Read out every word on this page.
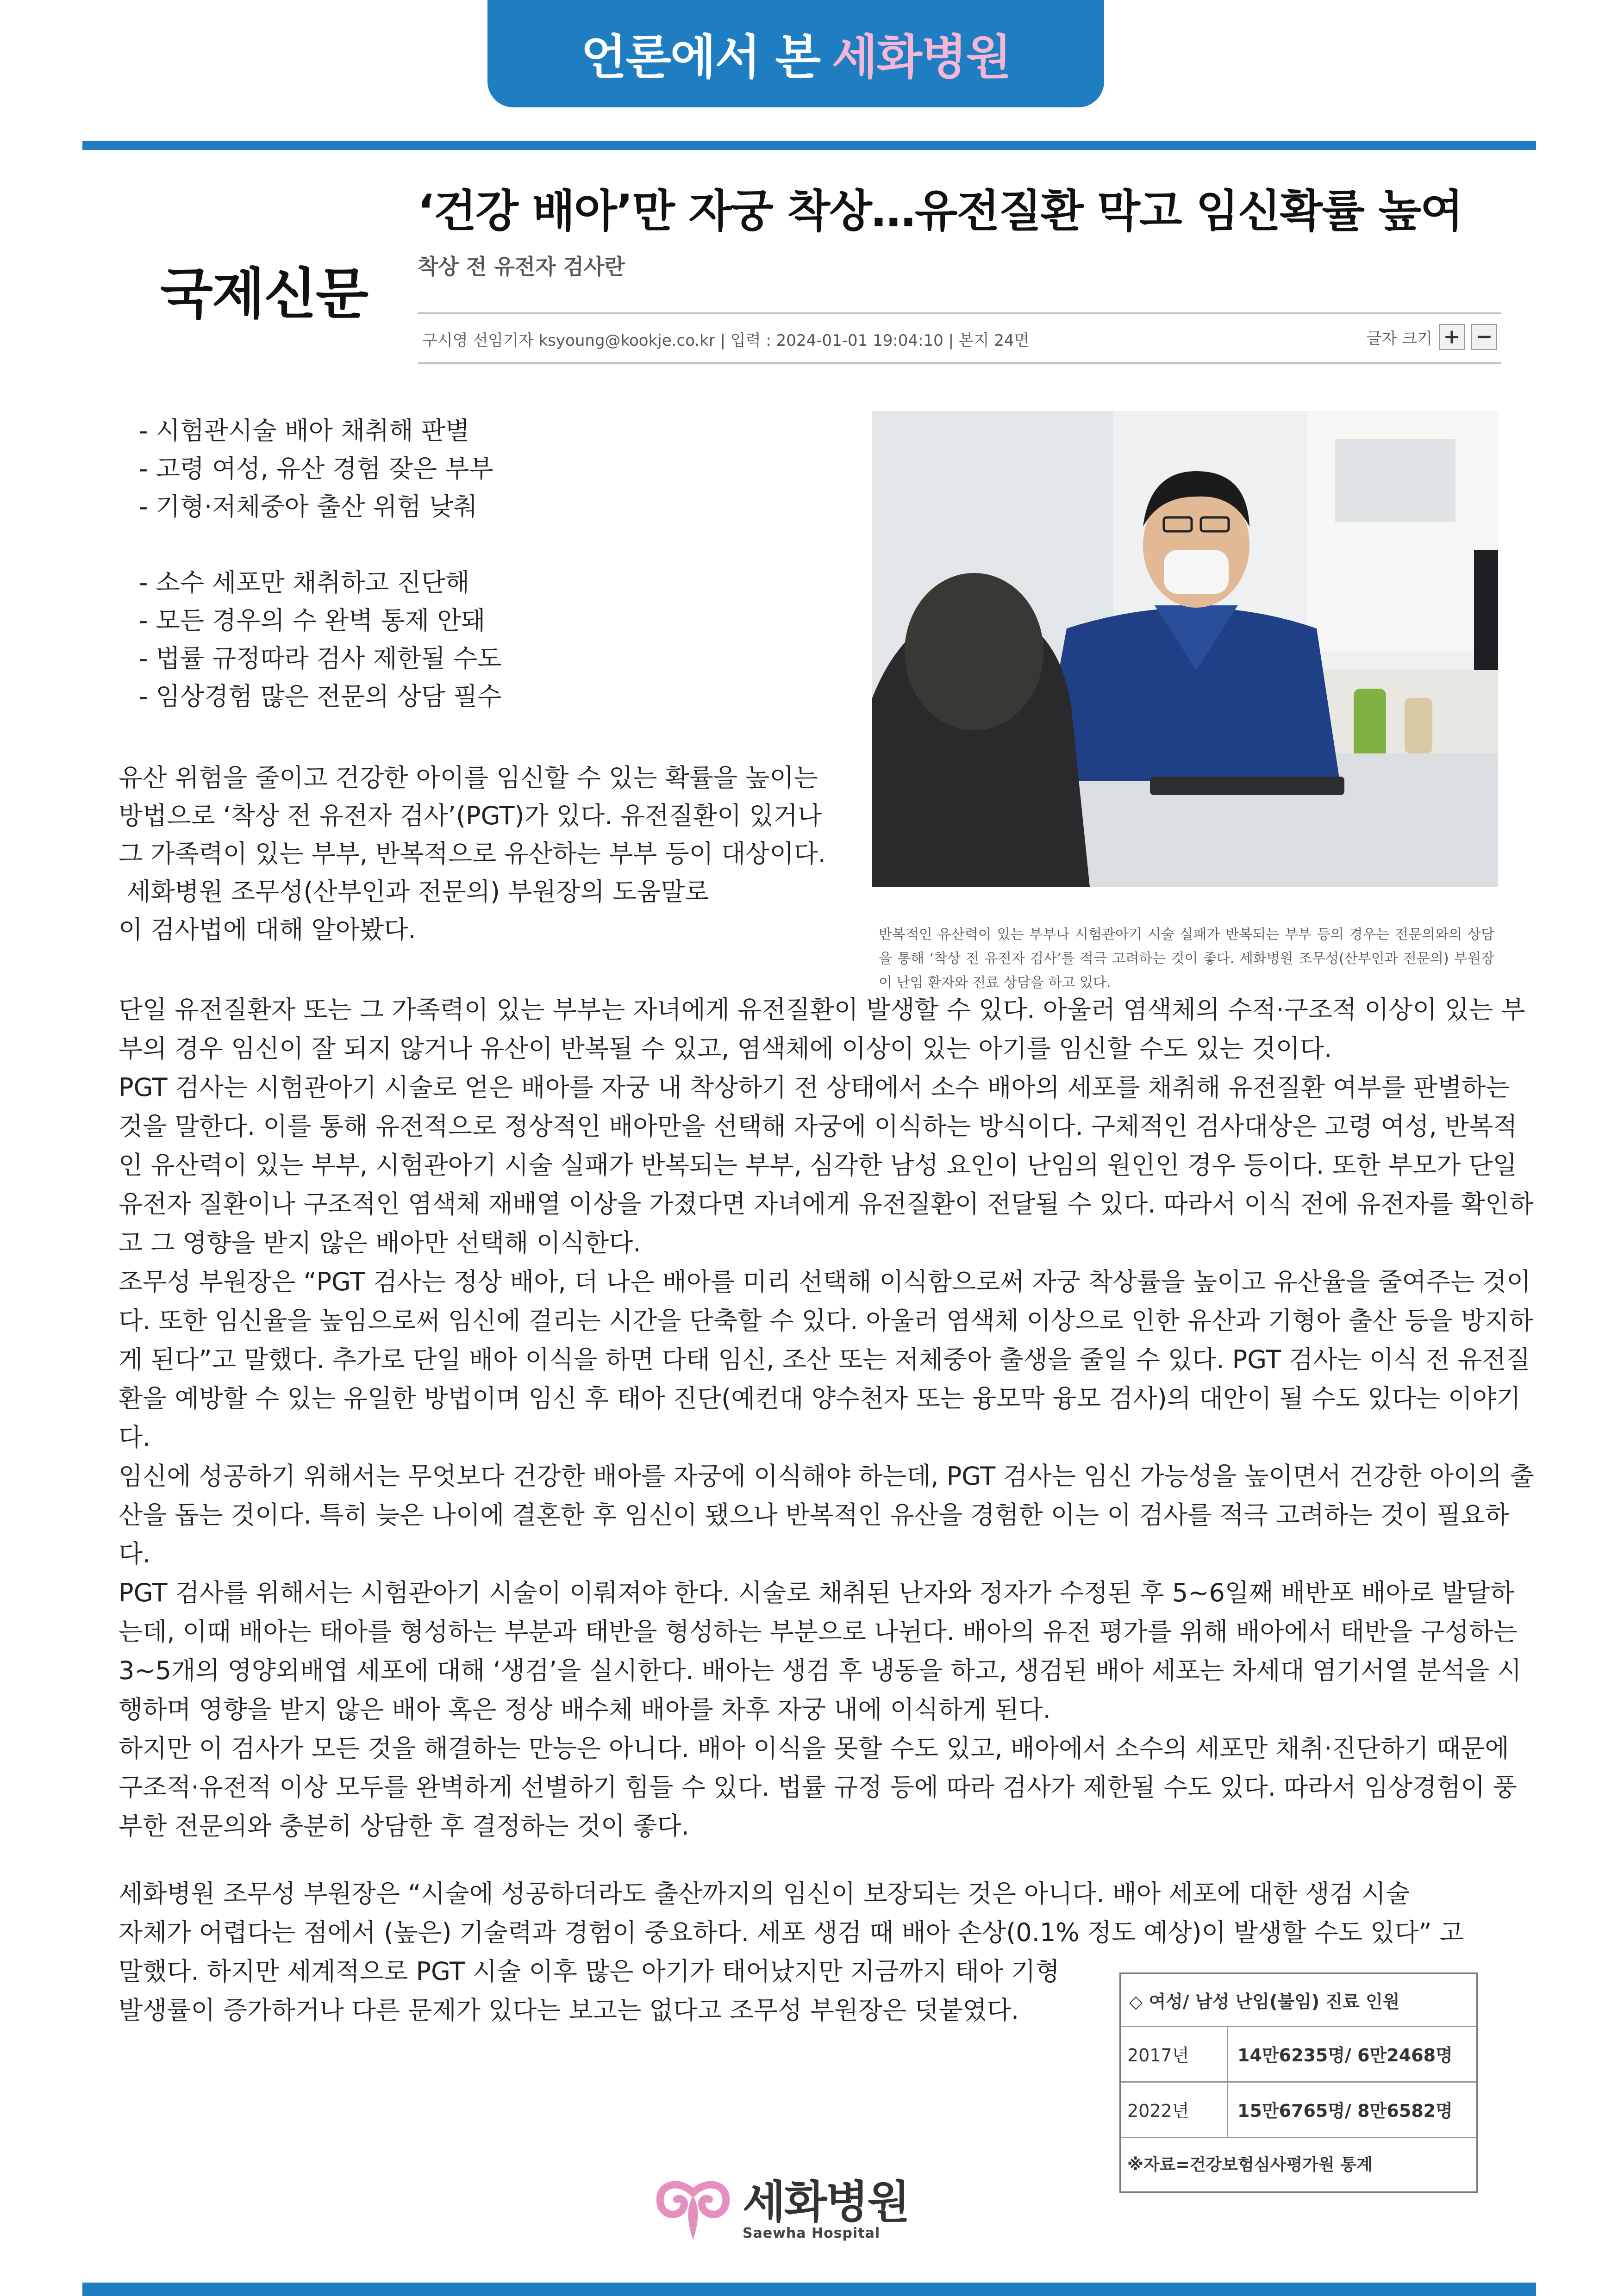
언론에서 본 세화병원
국제신문
‘건강 배아’만 자궁 착상…유전질환 막고 임신확률 높여
착상 전 유전자 검사란
구시영 선임기자 ksyoung@kookje.co.kr | 입력 : 2024-01-01 19:04:10 | 본지 24면	글자 크기 + −
- 시험관시술 배아 채취해 판별
- 고령 여성, 유산 경험 잦은 부부
- 기형·저체중아 출산 위험 낮춰
- 소수 세포만 채취하고 진단해
- 모든 경우의 수 완벽 통제 안돼
- 법률 규정따라 검사 제한될 수도
- 임상경험 많은 전문의 상담 필수
유산 위험을 줄이고 건강한 아이를 임신할 수 있는 확률을 높이는
방법으로 ‘착상 전 유전자 검사’(PGT)가 있다. 유전질환이 있거나
그 가족력이 있는 부부, 반복적으로 유산하는 부부 등이 대상이다.
세화병원 조무성(산부인과 전문의) 부원장의 도움말로
이 검사법에 대해 알아봤다.	반복적인 유산력이 있는 부부나 시험관아기 시술 실패가 반복되는 부부 등의 경우는 전문의와의 상담을 통해 ‘착상 전 유전자 검사’를 적극 고려하는 것이 좋다. 세화병원 조무성(산부인과 전문의) 부원장이 난임 환자와 진료 상담을 하고 있다.

단일 유전질환자 또는 그 가족력이 있는 부부는 자녀에게 유전질환이 발생할 수 있다. 아울러 염색체의 수적·구조적 이상이 있는 부부의 경우 임신이 잘 되지 않거나 유산이 반복될 수 있고, 염색체에 이상이 있는 아기를 임신할 수도 있는 것이다.

PGT 검사는 시험관아기 시술로 얻은 배아를 자궁 내 착상하기 전 상태에서 소수 배아의 세포를 채취해 유전질환 여부를 판별하는 것을 말한다. 이를 통해 유전적으로 정상적인 배아만을 선택해 자궁에 이식하는 방식이다. 구체적인 검사대상은 고령 여성, 반복적인 유산력이 있는 부부, 시험관아기 시술 실패가 반복되는 부부, 심각한 남성 요인이 난임의 원인인 경우 등이다. 또한 부모가 단일 유전자 질환이나 구조적인 염색체 재배열 이상을 가졌다면 자녀에게 유전질환이 전달될 수 있다. 따라서 이식 전에 유전자를 확인하고 그 영향을 받지 않은 배아만 선택해 이식한다.

조무성 부원장은 “PGT 검사는 정상 배아, 더 나은 배아를 미리 선택해 이식함으로써 자궁 착상률을 높이고 유산율을 줄여주는 것이다. 또한 임신율을 높임으로써 임신에 걸리는 시간을 단축할 수 있다. 아울러 염색체 이상으로 인한 유산과 기형아 출산 등을 방지하게 된다”고 말했다. 추가로 단일 배아 이식을 하면 다태 임신, 조산 또는 저체중아 출생을 줄일 수 있다. PGT 검사는 이식 전 유전질환을 예방할 수 있는 유일한 방법이며 임신 후 태아 진단(예컨대 양수천자 또는 융모막 융모 검사)의 대안이 될 수도 있다는 이야기다.

임신에 성공하기 위해서는 무엇보다 건강한 배아를 자궁에 이식해야 하는데, PGT 검사는 임신 가능성을 높이면서 건강한 아이의 출산을 돕는 것이다. 특히 늦은 나이에 결혼한 후 임신이 됐으나 반복적인 유산을 경험한 이는 이 검사를 적극 고려하는 것이 필요하다.

PGT 검사를 위해서는 시험관아기 시술이 이뤄져야 한다. 시술로 채취된 난자와 정자가 수정된 후 5~6일째 배반포 배아로 발달하는데, 이때 배아는 태아를 형성하는 부분과 태반을 형성하는 부분으로 나뉜다. 배아의 유전 평가를 위해 배아에서 태반을 구성하는 3~5개의 영양외배엽 세포에 대해 ‘생검’을 실시한다. 배아는 생검 후 냉동을 하고, 생검된 배아 세포는 차세대 염기서열 분석을 시행하며 영향을 받지 않은 배아 혹은 정상 배수체 배아를 차후 자궁 내에 이식하게 된다.

하지만 이 검사가 모든 것을 해결하는 만능은 아니다. 배아 이식을 못할 수도 있고, 배아에서 소수의 세포만 채취·진단하기 때문에 구조적·유전적 이상 모두를 완벽하게 선별하기 힘들 수 있다. 법률 규정 등에 따라 검사가 제한될 수도 있다. 따라서 임상경험이 풍부한 전문의와 충분히 상담한 후 결정하는 것이 좋다.

세화병원 조무성 부원장은 “시술에 성공하더라도 출산까지의 임신이 보장되는 것은 아니다. 배아 세포에 대한 생검 시술

자체가 어렵다는 점에서 (높은) 기술력과 경험이 중요하다. 세포 생검 때 배아 손상(0.1% 정도 예상)이 발생할 수도 있다” 고

말했다. 하지만 세계적으로 PGT 시술 이후 많은 아기가 태어났지만 지금까지 태아 기형

발생률이 증가하거나 다른 문제가 있다는 보고는 없다고 조무성 부원장은 덧붙였다.	◇ 여성/ 남성 난임(불임) 진료 인원
2017년	14만6235명/ 6만2468명
2022년	15만6765명/ 8만6582명
※자료=건강보험심사평가원 통계
세화병원
Saewha Hospital
